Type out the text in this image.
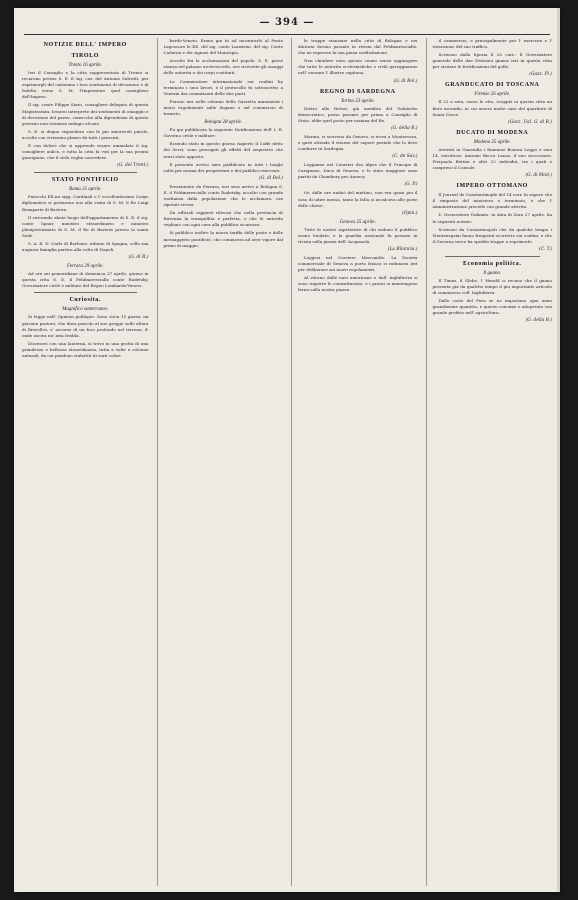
— 394 —
NOTIZIE DELL' IMPERO
TIROLO
Trento 16 aprile.
Ieri il Consiglio e la citta rappresentata di Trento si recarono presso S. E. il sig. cav. del Antonio Salvotti, per esprimergli del carissimo i loro sentimenti di devozione e di fedelta verso S. M. l'Imperatore quel consigliere dell'Impero.
Il sig. conte Filippe Sizzo, consigliere delegato di questa Magistratura, lessero interprete dei sentimenti di omaggio e di devozione del paese, comecche alla dipendenza di questo governo non tornasse indugio alcuno.
S. E. si degno rispondere con le piu amorevoli parole, accolte con vivissimo plauso da tutti i presenti.
E con dolore che si apprende essere ammalato il sig. consigliere aulico, e tutta la citta fa voti per la sua pronta guarigione, che il cielo voglia concedere.
(G. del Trent.)
STATO PONTIFICIO
Roma 25 aprile.
Parecchi EE.mi sigg. Cardinali e l' eccellentissimo Corpo diplomatico si portarono ieri alla visita di S. M. il Re Luigi Bonaparte di Baviera.
Il riverendo abate luogo dell'appartamento di S. E. il sig. conte Spaur, ministro straordinario e ministro plenipotenziario di S. M. il Re di Baviera presso la santa Sede.
S. A. R. D. Carlo di Borbone, infante di Spagna, colla sua augusta famiglia partiva alla volta di Napoli.
(G. di R.)
Ferrara 29 aprile.
Ad ore sei pomeridiane di domenica 27 aprile, giunse in questa citta S. E. il Feldmaresciallo conte Radetzky, Governatore civile e militare del Regno Lombardo-Veneto.
Curiosita.
Magnifico sotterraneo.
Si legge nell' Opinion publique: Sono circa 15 giorni, un giovane pastore, che dava pascolo al suo gregge sulle altura di Bresolles, s' accorse di un foro profondo nel terreno, d' onde usciva un' aria fredda.
Discesovi con una lanterna, si trovo in una grotta di una grandezza e bellezza straordinaria, tutta a volte e colonne naturali, da cui pendono stalattiti di varii colori.
bardo-Veneto. Erano gia iti ad incontrarlo al Ponte Lagoscuro le EE. del sig. conte Lazzarini, del sig. Conte Cadorna e dei signori del Municipio.
Accolto fra le acclamazioni del popolo, S. E. prese stanza nel palazzo arcivescovile, ove ricevette gli omaggi delle autorita e dei corpi costituiti.
La Commissione internazionale sui confini ha terminato i suoi lavori, e il protocollo fu sottoscritto a Venezia dai commissarii delle due parti.
Furono ieri nelle colonne della Gazzetta annunziati i nuovi regolamenti sulle dogane e sul commercio di transito.
Bologna 28 aprile.
Fu qui pubblicata la seguente Notificazione dell' I. R. Governo civile e militare:
Essendo stato in questo giorno riaperto il Caffe detto dei Servi, sono prorogati gli effetti del sequestro che eravi stato apposto.
Il presente avviso sara pubblicato in tutti i luoghi soliti per norma dei proprietarii e dei pubblici esercenti.
(G. di Bol.)
Preseniente da Ferrara, ieri sera arrivo a Bologna S. E. il Feldmaresciallo conte Radetzky, accolto con grande esultanza dalla popolazione che lo acclamava con ripetuti evviva.
Da ufficiali rapporti rilevasi che nella provincia di Ravenna la tranquillita e perfetta, e che le autorita vegliano con ogni cura alla pubblica sicurezza.
Si pubblico inoltre la nuova tariffa delle poste e delle messaggerie pontificie, che comincera ad aver vigore dal primo di maggio.
le truppe stanziate nella citta di Bologna e nei dintorni furono passate in rivista dal Feldmaresciallo, che ne espresse la sua piena soddisfazione.
Non chiudere nero questo cenno senza aggiungere che tutte le autorita ecclesiastiche e civili gareggiarono nell' onorare l' illustre capitano.
(G. di Bol.)
REGNO DI SARDEGNA
Torino 23 aprile.
Dietro alle Rettor, gia membro del Gabinetto democratico, posso passare per primo a Consiglio di Stato, ebbe quel posto per nomina del Re.
(G. della B.)
Marina, ci scrivono da Genova, si trova a Monterosso, e quivi attende il ritorno del vapore postale che lo deve condurre in Sardegna.
(C. de Sav.)
Leggiamo nel Courrier des Alpes che il Principe di Carignano, Duca di Genova, e lo stato maggiore sono partiti da Chambery per Annecy.
(G. P.)
Or, dalle ore undici del mattino, non era quasi piu il caso di udire messa, tanto la folla si accalcava alle porte delle chiese.
(Opin.)
Genova 25 aprile.
Tutte le nostre aspettative di chi vedono il pubblico erano fondate, e la guardia nazionale fu passata in rivista sulla piazza dell' Acquasola.
(La Bilancia.)
Leggesi nel Corriere Mercantile: La Societa commerciale di Genova a porto franco si radunava ieri per deliberare sui nuovi regolamenti.
Al ritorno dalle navi americane e dall' Inghilterra si sono riaperte le contrattazioni, e i prezzi si mantengono fermi sulla nostra piazza.
il commercio, e principalmente per l' esercizio e l' estensione del suo traffico.
Scrivono dalla Spezia il 20 corr.: Il Governatore generale delle due Divisioni giunse ieri in questa citta per visitare le fortificazioni del golfo.
(Gazz. Pl.)
GRANDUCATO DI TOSCANA
Firenze 26 aprile.
Il 22 a sera, verso le otto, scoppiò in questa citta un fiero incendio, in cui arsero molte case del quartiere di Santa Croce.
(Gazz. Ual. G. di R.)
DUCATO DI MODENA
Modena 25 aprile.
Arrivati in Guastalla i Ramione Bonora Leggo e suoi 14, istruttore; Antonio Becca Lanza, il suo successore, Pierpaolo Bettini e altri 22 individui, tra i quali e compreso il Console.
(G. di Mod.)
IMPERO OTTOMANO
Il Journal de Constantinople del 14 corr. fa sapere che il rimpasto del ministero e terminato, e che l' amministrazione procede con grande attivita.
L' Osservatore Dalmato, in data di Zara 27 aprile, ha le seguenti notizie:
Scrivono da Costantinopoli che da qualche tempo i Montenegrini fanno frequenti scorrerie sui confini, e che il Governo turco ha spedito truppe a reprimerle.
(C. T.)
Economia politica.
Il guano.
Il Times, il Globe, l' Herald ci recano che il guano presenta gia da qualche tempo il piu importante articolo di commercio coll' Inghilterra.
Dalle coste del Peru se ne importano ogni anno grandissime quantita, e questo concime e adoperato con grande profitto nell' agricoltura.
(G. della B.)
